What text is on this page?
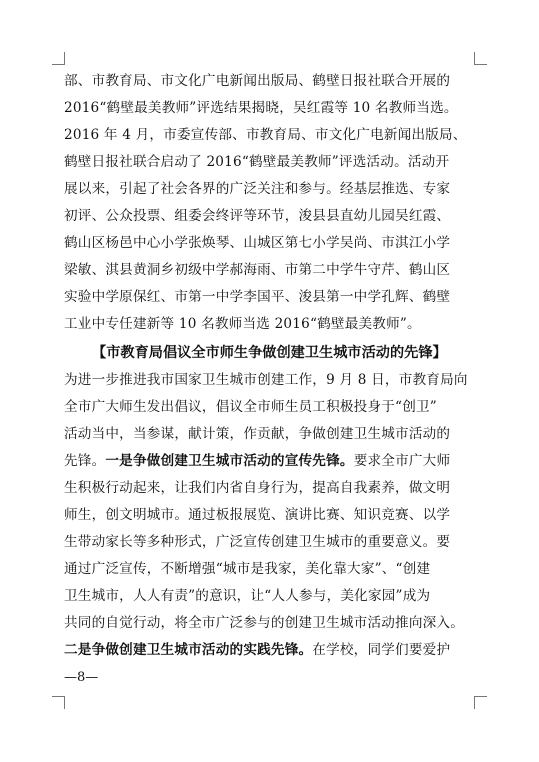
部、市教育局、市文化广电新闻出版局、鹤壁日报社联合开展的
2016“鹤壁最美教师”评选结果揭晓，吴红霞等 10 名教师当选。
2016 年 4 月，市委宣传部、市教育局、市文化广电新闻出版局、
鹤壁日报社联合启动了 2016“鹤壁最美教师”评选活动。活动开
展以来，引起了社会各界的广泛关注和参与。经基层推选、专家
初评、公众投票、组委会终评等环节，浚县县直幼儿园吴红霞、
鹤山区杨邑中心小学张焕琴、山城区第七小学吴尚、市淇江小学
梁敏、淇县黄洞乡初级中学郝海雨、市第二中学牛守芹、鹤山区
实验中学原保红、市第一中学李国平、浚县第一中学孔辉、鹤壁
工业中专任建新等 10 名教师当选 2016“鹤壁最美教师”。
【市教育局倡议全市师生争做创建卫生城市活动的先锋】
为进一步推进我市国家卫生城市创建工作，9 月 8 日，市教育局向
全市广大师生发出倡议，倡议全市师生员工积极投身于“创卫”
活动当中，当参谋，献计策，作贡献，争做创建卫生城市活动的
先锋。一是争做创建卫生城市活动的宣传先锋。要求全市广大师
生积极行动起来，让我们内省自身行为，提高自我素养，做文明
师生，创文明城市。通过板报展览、演讲比赛、知识竞赛、以学
生带动家长等多种形式，广泛宣传创建卫生城市的重要意义。要
通过广泛宣传，不断增强“城市是我家，美化靠大家”、“创建
卫生城市，人人有责”的意识，让“人人参与，美化家园”成为
共同的自觉行动，将全市广泛参与的创建卫生城市活动推向深入。
二是争做创建卫生城市活动的实践先锋。在学校，同学们要爱护
—8—
